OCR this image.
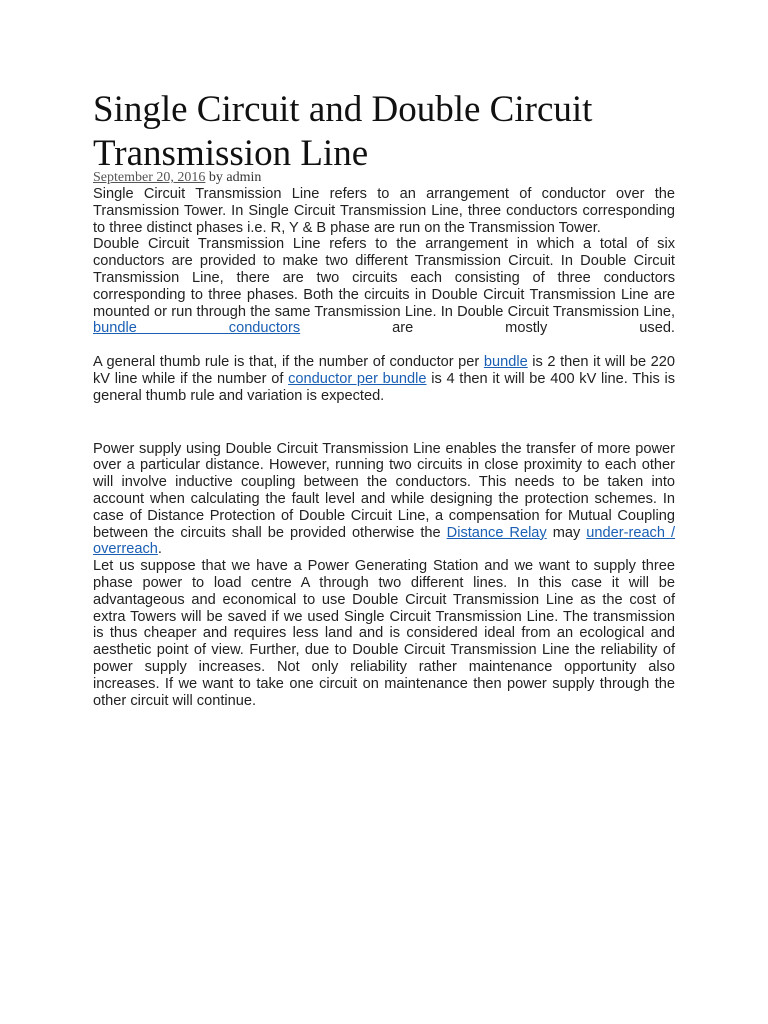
Single Circuit and Double Circuit Transmission Line
September 20, 2016 by admin

Single Circuit Transmission Line refers to an arrangement of conductor over the Transmission Tower. In Single Circuit Transmission Line, three conductors corresponding to three distinct phases i.e. R, Y & B phase are run on the Transmission Tower.

Double Circuit Transmission Line refers to the arrangement in which a total of six conductors are provided to make two different Transmission Circuit. In Double Circuit Transmission Line, there are two circuits each consisting of three conductors corresponding to three phases. Both the circuits in Double Circuit Transmission Line are mounted or run through the same Transmission Line. In Double Circuit Transmission Line, bundle conductors	are mostly used.

A general thumb rule is that, if the number of conductor per bundle is 2 then it will be 220 kV line while if the number of conductor per bundle is 4 then it will be 400 kV line. This is general thumb rule and variation is expected.

Power supply using Double Circuit Transmission Line enables the transfer of more power over a particular distance. However, running two circuits in close proximity to each other will involve inductive coupling between the conductors. This needs to be taken into account when calculating the fault level and while designing the protection schemes. In case of Distance Protection of Double Circuit Line, a compensation for Mutual Coupling between the circuits shall be provided otherwise the Distance Relay may under-reach / overreach.

Let us suppose that we have a Power Generating Station and we want to supply three phase power to load centre A through two different lines. In this case it will be advantageous and economical to use Double Circuit Transmission Line as the cost of extra Towers will be saved if we used Single Circuit Transmission Line. The transmission is thus cheaper and requires less land and is considered ideal from an ecological and aesthetic point of view. Further, due to Double Circuit Transmission Line the reliability of power supply increases. Not only reliability rather maintenance opportunity also increases. If we want to take one circuit on maintenance then power supply through the other circuit will continue.
